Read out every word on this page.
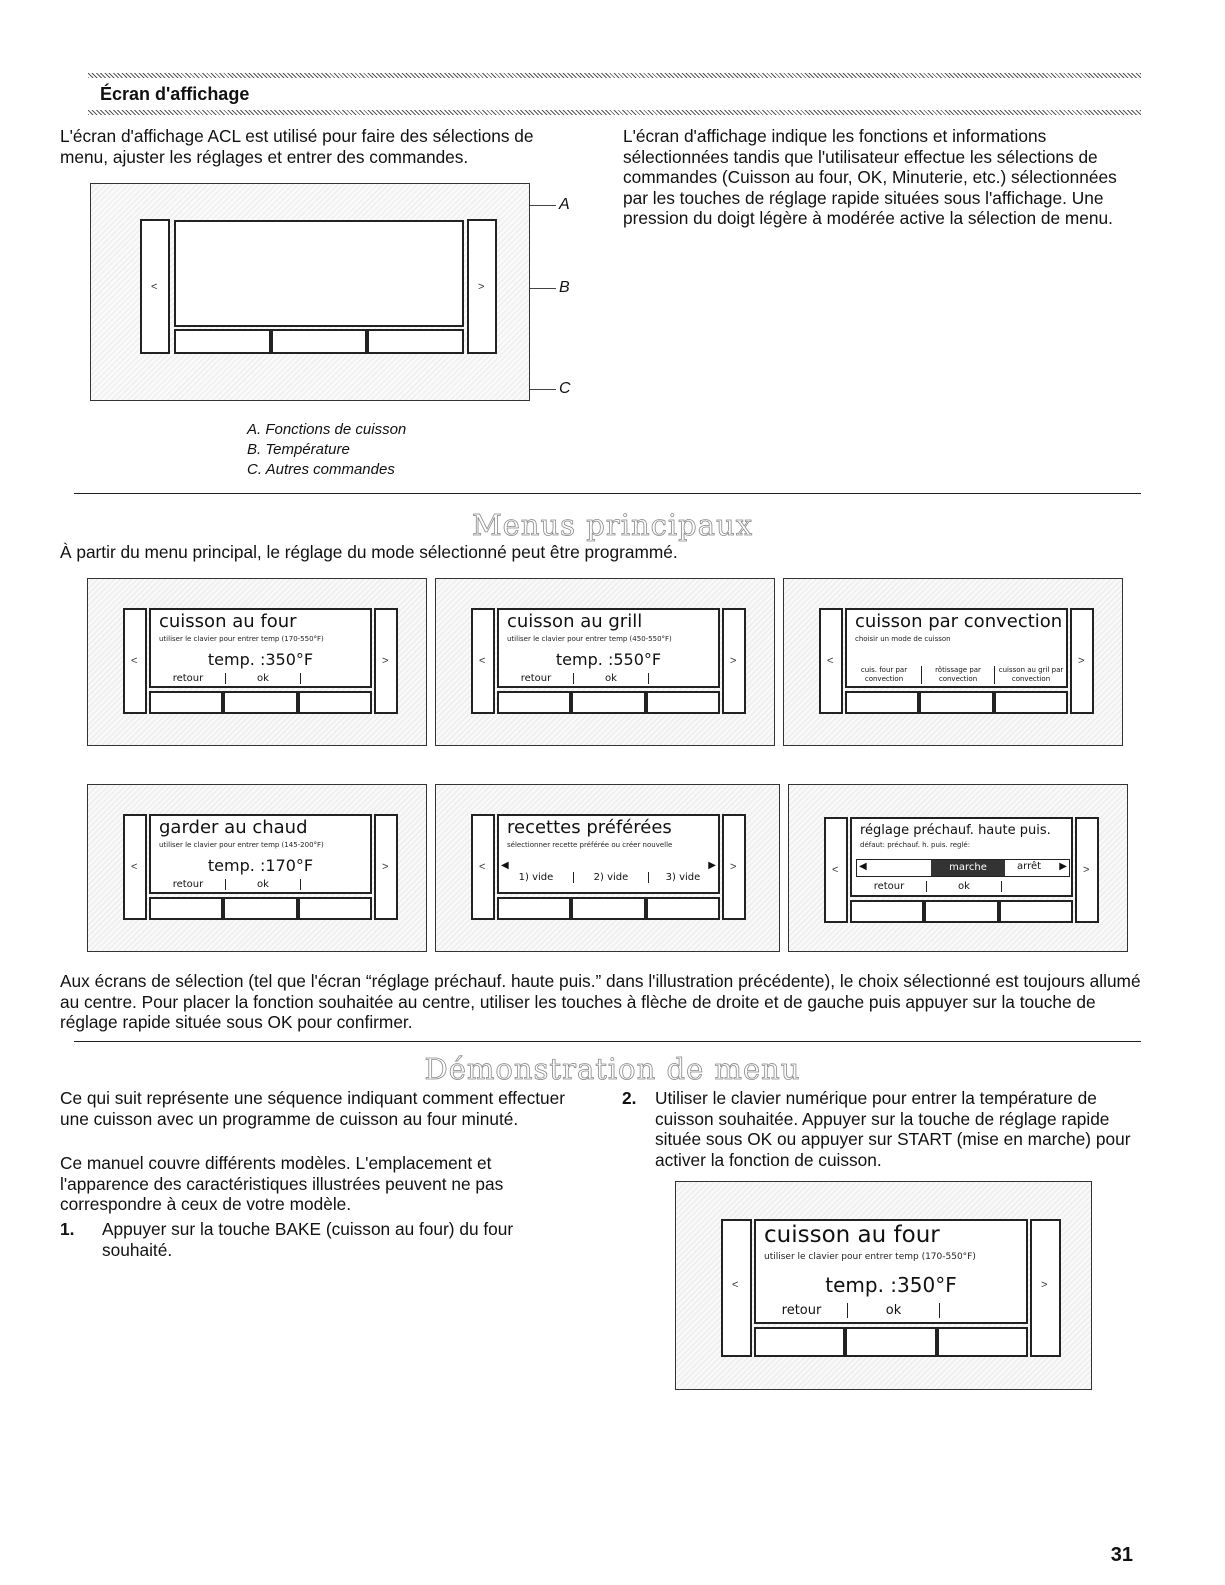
Écran d'affichage
L'écran d'affichage ACL est utilisé pour faire des sélections de menu, ajuster les réglages et entrer des commandes.
L'écran d'affichage indique les fonctions et informations sélectionnées tandis que l'utilisateur effectue les sélections de commandes (Cuisson au four, OK, Minuterie, etc.) sélectionnées par les touches de réglage rapide situées sous l'affichage. Une pression du doigt légère à modérée active la sélection de menu.
<	>
A
B
C
A. Fonctions de cuisson
B. Température
C. Autres commandes
Menus principaux
À partir du menu principal, le réglage du mode sélectionné peut être programmé.
<
cuisson au four
utiliser le clavier pour entrer temp (170-550°F)
temp. :350°F
retour	ok
>	<
cuisson au grill
utiliser le clavier pour entrer temp (450-550°F)
temp. :550°F
retour	ok
>	<
cuisson par convection
choisir un mode de cuisson
cuis. four par convection
rôtissage par convection
cuisson au gril par convection
>
<
garder au chaud
utiliser le clavier pour entrer temp (145-200°F)
temp. :170°F
retour	ok
>	<
recettes préférées
sélectionner recette préférée ou créer nouvelle
◀	▶
1) vide	2) vide	3) vide
>	<
réglage préchauf. haute puis.
défaut: préchauf. h. puis. reglé:
◀	marche	arrêt ▶
retour	ok
>
Aux écrans de sélection (tel que l'écran “réglage préchauf. haute puis.” dans l'illustration précédente), le choix sélectionné est toujours allumé au centre. Pour placer la fonction souhaitée au centre, utiliser les touches à flèche de droite et de gauche puis appuyer sur la touche de réglage rapide située sous OK pour confirmer.
Démonstration de menu
Ce qui suit représente une séquence indiquant comment effectuer une cuisson avec un programme de cuisson au four minuté.
Ce manuel couvre différents modèles. L'emplacement et l'apparence des caractéristiques illustrées peuvent ne pas correspondre à ceux de votre modèle.
1. Appuyer sur la touche BAKE (cuisson au four) du four souhaité.
2. Utiliser le clavier numérique pour entrer la température de cuisson souhaitée. Appuyer sur la touche de réglage rapide située sous OK ou appuyer sur START (mise en marche) pour activer la fonction de cuisson.
<
cuisson au four
utiliser le clavier pour entrer temp (170-550°F)
temp. :350°F
retour	ok
>
31
